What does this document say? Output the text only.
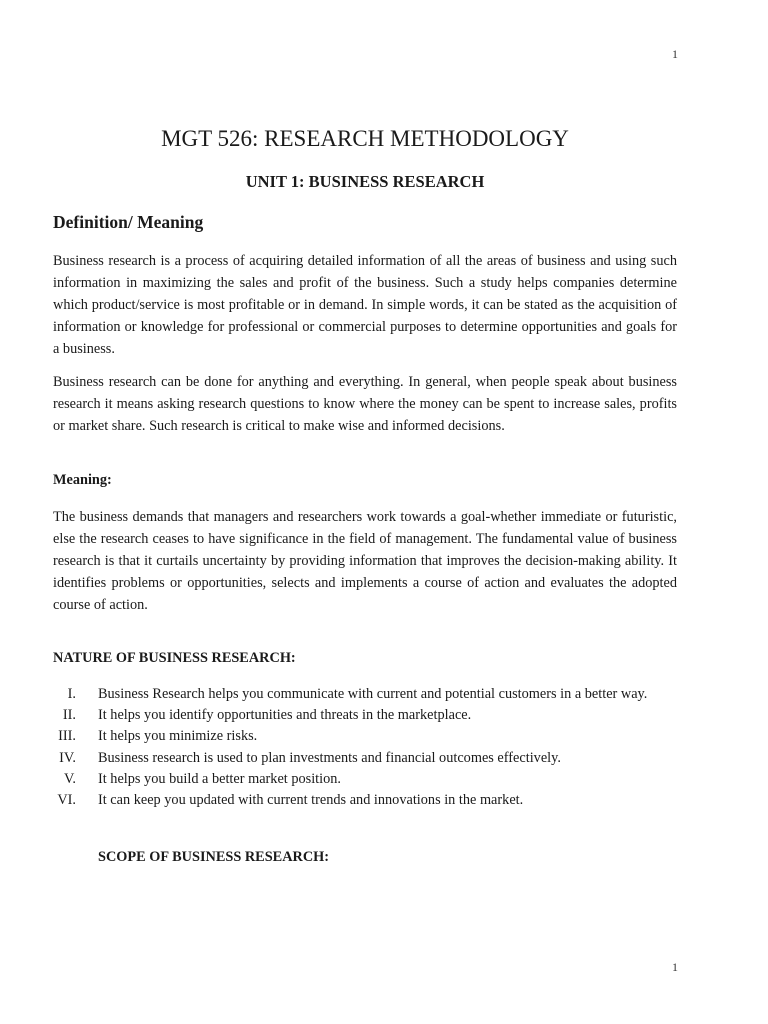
1
MGT 526: RESEARCH METHODOLOGY
UNIT 1: BUSINESS RESEARCH
Definition/ Meaning

Business research is a process of acquiring detailed information of all the areas of business and using such information in maximizing the sales and profit of the business. Such a study helps companies determine which product/service is most profitable or in demand. In simple words, it can be stated as the acquisition of information or knowledge for professional or commercial purposes to determine opportunities and goals for a business.

Business research can be done for anything and everything. In general, when people speak about business research it means asking research questions to know where the money can be spent to increase sales, profits or market share. Such research is critical to make wise and informed decisions.

Meaning:

The business demands that managers and researchers work towards a goal-whether immediate or futuristic, else the research ceases to have significance in the field of management. The fundamental value of business research is that it curtails uncertainty by providing information that improves the decision-making ability. It identifies problems or opportunities, selects and implements a course of action and evaluates the adopted course of action.

NATURE OF BUSINESS RESEARCH:
I. Business Research helps you communicate with current and potential customers in a better way.
II. It helps you identify opportunities and threats in the marketplace.
III. It helps you minimize risks.
IV. Business research is used to plan investments and financial outcomes effectively.
V. It helps you build a better market position.
VI. It can keep you updated with current trends and innovations in the market.
SCOPE OF BUSINESS RESEARCH:
1
